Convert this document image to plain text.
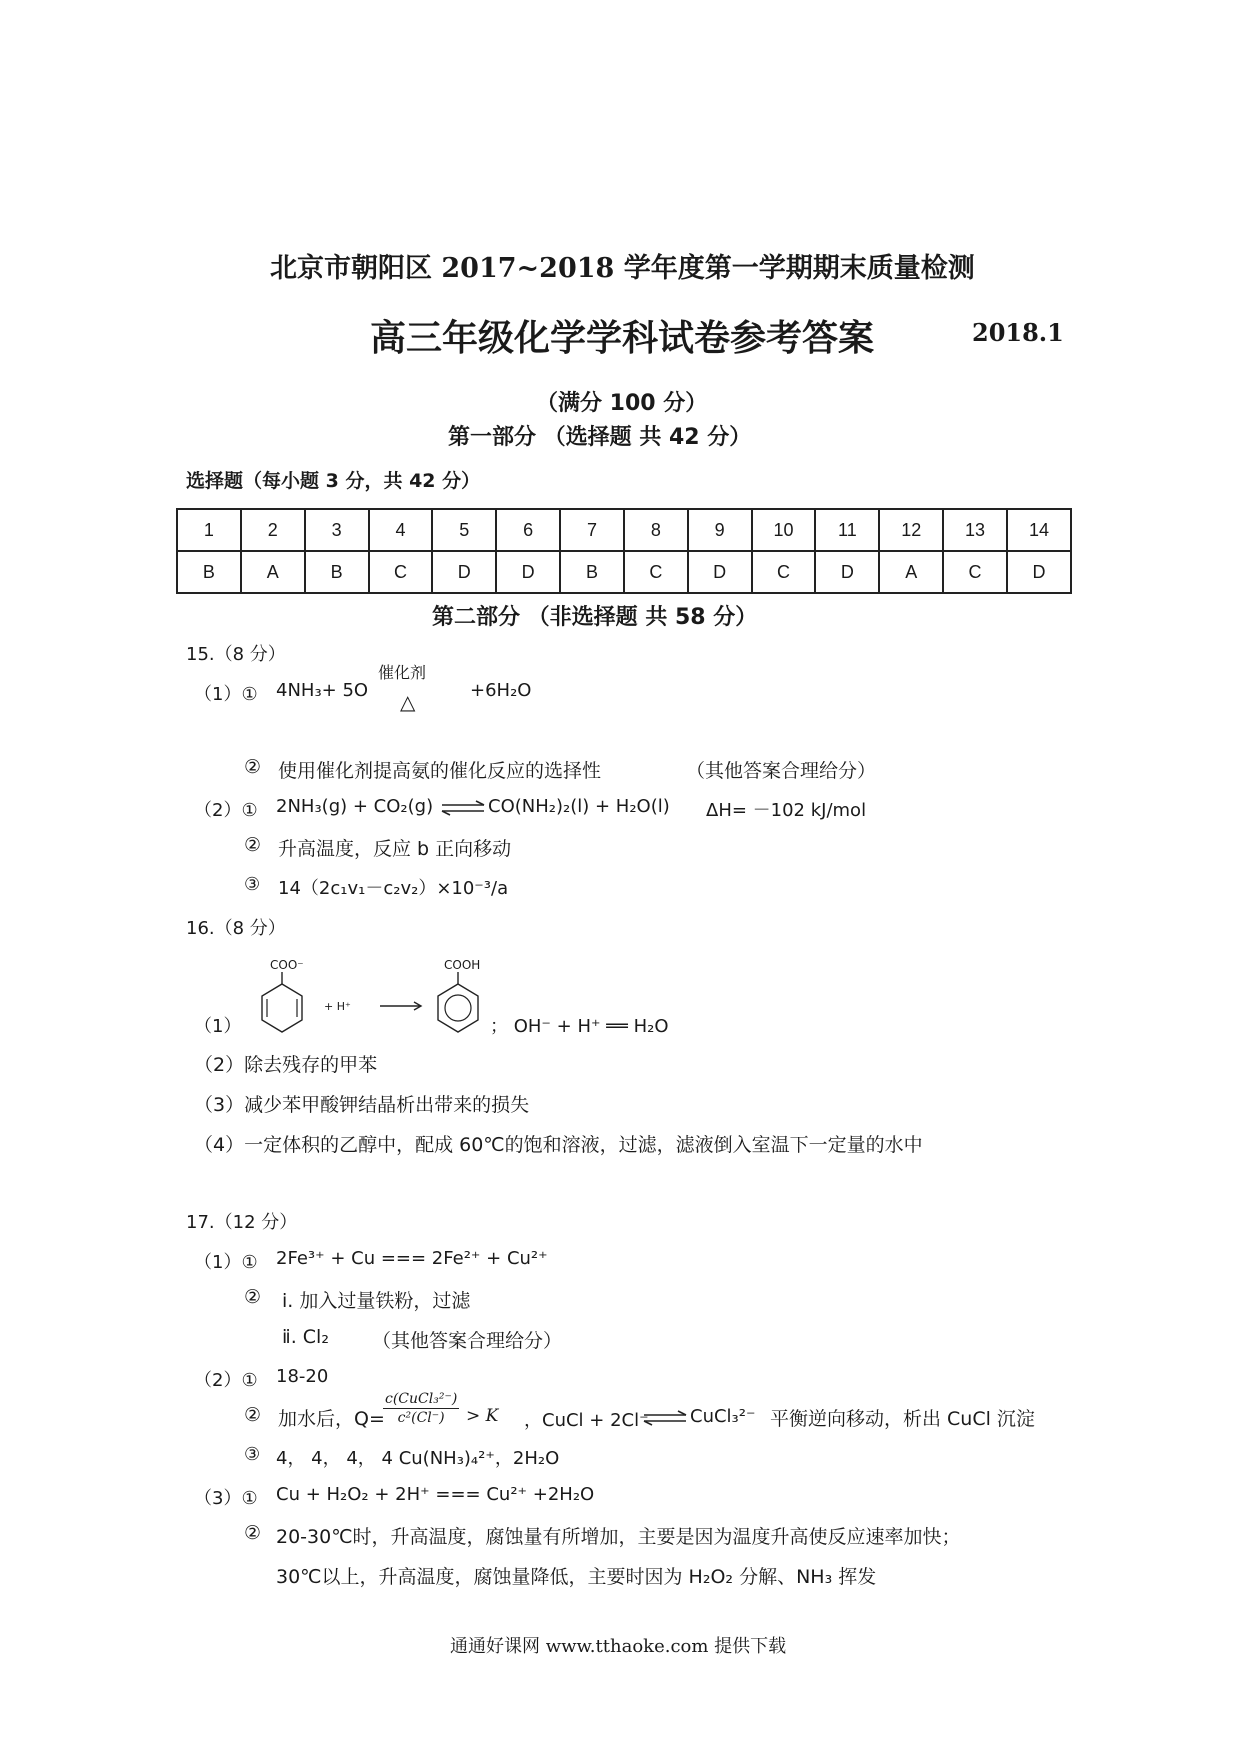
北京市朝阳区 2017~2018 学年度第一学期期末质量检测
高三年级化学学科试卷参考答案	2018.1
（满分 100 分）
第一部分 （选择题 共 42 分）
选择题（每小题 3 分，共 42 分）
1	2	3	4	5	6	7	8	9	10	11	12	13	14
B	A	B	C	D	D	B	C	D	C	D	A	C	D
第二部分 （非选择题 共 58 分）
15.（8 分）
（1）① 4NH₃+ 5O
催化剂
△	+6H₂O
② 使用催化剂提高氨的催化反应的选择性	（其他答案合理给分）
（2）① 2NH₃(g) + CO₂(g) ⇌ CO(NH₂)₂(l) + H₂O(l) ΔH= －102 kJ/mol
② 升高温度，反应 b 正向移动
③ 14（2c₁v₁－c₂v₂）×10⁻³/a
16.（8 分）
（1）
COO⁻
+ H⁺
COOH
； OH⁻ + H⁺ ══ H₂O
（2）除去残存的甲苯
（3）减少苯甲酸钾结晶析出带来的损失
（4）一定体积的乙醇中，配成 60℃的饱和溶液，过滤，滤液倒入室温下一定量的水中
17.（12 分）
（1）① 2Fe³⁺ + Cu === 2Fe²⁺ + Cu²⁺
② ⅰ. 加入过量铁粉，过滤
ⅱ. Cl₂ （其他答案合理给分）
（2）① 18-20
② 加水后，Q=
$\frac{\text{c(CuCl₃²⁻)}}{\text{c²(Cl⁻)}} > K$ ，CuCl + 2Cl⁻ ⇌ CuCl₃²⁻ 平衡逆向移动，析出 CuCl 沉淀
③ 4， 4， 4， 4 Cu(NH₃)₄²⁺，2H₂O
（3）① Cu + H₂O₂ + 2H⁺ === Cu²⁺ +2H₂O
② 20-30℃时，升高温度，腐蚀量有所增加，主要是因为温度升高使反应速率加快；
30℃以上，升高温度，腐蚀量降低，主要时因为 H₂O₂ 分解、NH₃ 挥发
通通好课网 www.tthaoke.com 提供下载
